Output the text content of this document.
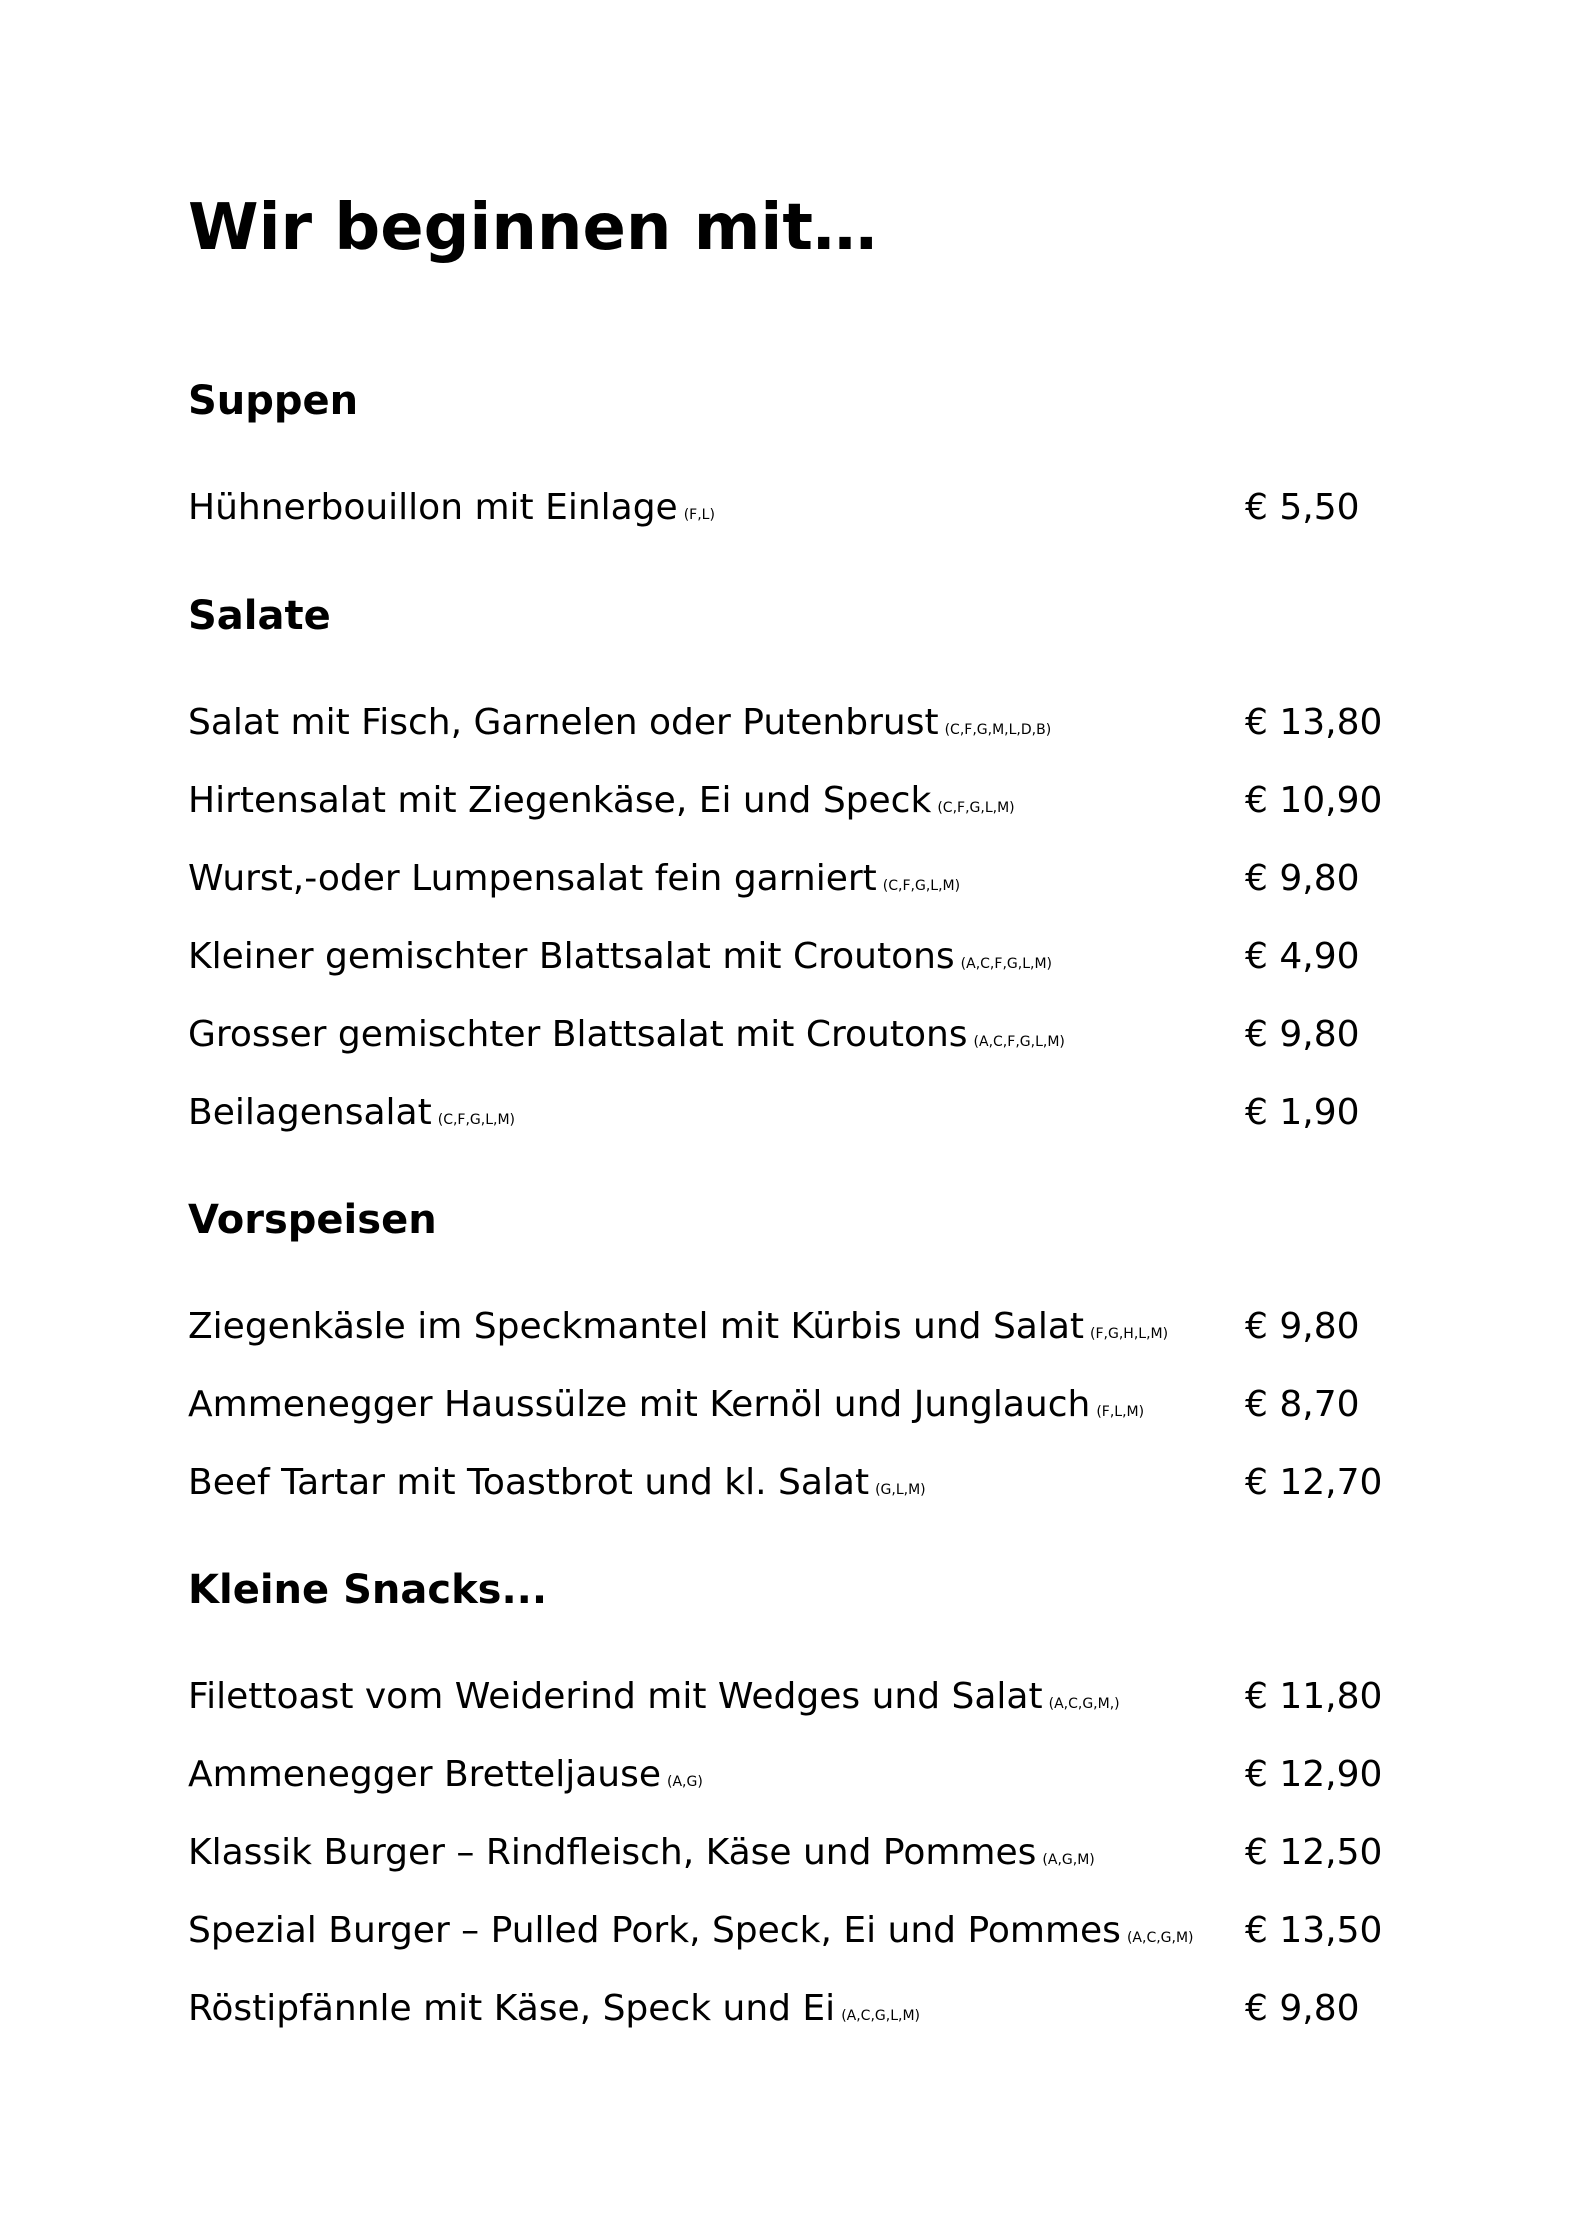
Wir beginnen mit…
Suppen
Hühnerbouillon mit Einlage (F,L)	€ 5,50
Salate
Salat mit Fisch, Garnelen oder Putenbrust (C,F,G,M,L,D,B)	€ 13,80
Hirtensalat mit Ziegenkäse, Ei und Speck (C,F,G,L,M)	€ 10,90
Wurst,-oder Lumpensalat fein garniert (C,F,G,L,M)	€ 9,80
Kleiner gemischter Blattsalat mit Croutons (A,C,F,G,L,M)	€ 4,90
Grosser gemischter Blattsalat mit Croutons (A,C,F,G,L,M)	€ 9,80
Beilagensalat (C,F,G,L,M)	€ 1,90
Vorspeisen
Ziegenkäsle im Speckmantel mit Kürbis und Salat (F,G,H,L,M) € 9,80
Ammenegger Haussülze mit Kernöl und Junglauch (F,L,M)	€ 8,70
Beef Tartar mit Toastbrot und kl. Salat (G,L,M)	€ 12,70
Kleine Snacks...
Filettoast vom Weiderind mit Wedges und Salat (A,C,G,M,)	€ 11,80
Ammenegger Bretteljause (A,G)	€ 12,90
Klassik Burger – Rindfleisch, Käse und Pommes (A,G,M)	€ 12,50
Spezial Burger – Pulled Pork, Speck, Ei und Pommes (A,C,G,M) € 13,50
Röstipfännle mit Käse, Speck und Ei (A,C,G,L,M)	€ 9,80
